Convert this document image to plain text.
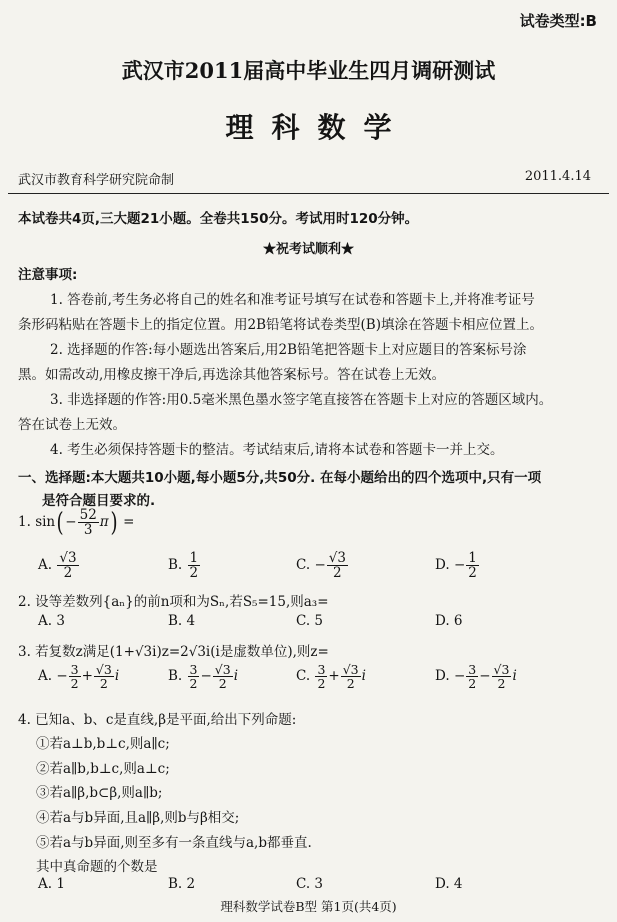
试卷类型:B
武汉市2011届高中毕业生四月调研测试
理科数学
武汉市教育科学研究院命制	2011.4.14
本试卷共4页,三大题21小题。全卷共150分。考试用时120分钟。
★祝考试顺利★
注意事项:
1. 答卷前,考生务必将自己的姓名和准考证号填写在试卷和答题卡上,并将准考证号
条形码粘贴在答题卡上的指定位置。用2B铅笔将试卷类型(B)填涂在答题卡相应位置上。
2. 选择题的作答:每小题选出答案后,用2B铅笔把答题卡上对应题目的答案标号涂
黑。如需改动,用橡皮擦干净后,再选涂其他答案标号。答在试卷上无效。
3. 非选择题的作答:用0.5毫米黑色墨水签字笔直接答在答题卡上对应的答题区域内。
答在试卷上无效。
4. 考生必须保持答题卡的整洁。考试结束后,请将本试卷和答题卡一并上交。
一、选择题:本大题共10小题,每小题5分,共50分. 在每小题给出的四个选项中,只有一项
是符合题目要求的.
1. $\sin( - \frac{52}{3} \pi)$ =
A. $\frac{√3}{2}$	B. $\frac{1}{2}$	C. − $\frac{√3}{2}$	D. − $\frac{1}{2}$
2. 设等差数列{aₙ}的前n项和为Sₙ,若S₅=15,则a₃=
A. 3	B. 4	C. 5	D. 6
3. 若复数z满足(1+√3i)z=2√3i(i是虚数单位),则z=
A. − $\frac{3}{2} + \frac{√3}{2}$ i	B. $\frac{3}{2} - \frac{√3}{2}$ i	C. $\frac{3}{2} + \frac{√3}{2}$ i	D. − $\frac{3}{2} - \frac{√3}{2}$ i
4. 已知a、b、c是直线,β是平面,给出下列命题:
①若a⊥b,b⊥c,则a∥c;
②若a∥b,b⊥c,则a⊥c;
③若a∥β,b⊂β,则a∥b;
④若a与b异面,且a∥β,则b与β相交;
⑤若a与b异面,则至多有一条直线与a,b都垂直.
其中真命题的个数是
A. 1	B. 2	C. 3	D. 4
理科数学试卷B型 第1页(共4页)
